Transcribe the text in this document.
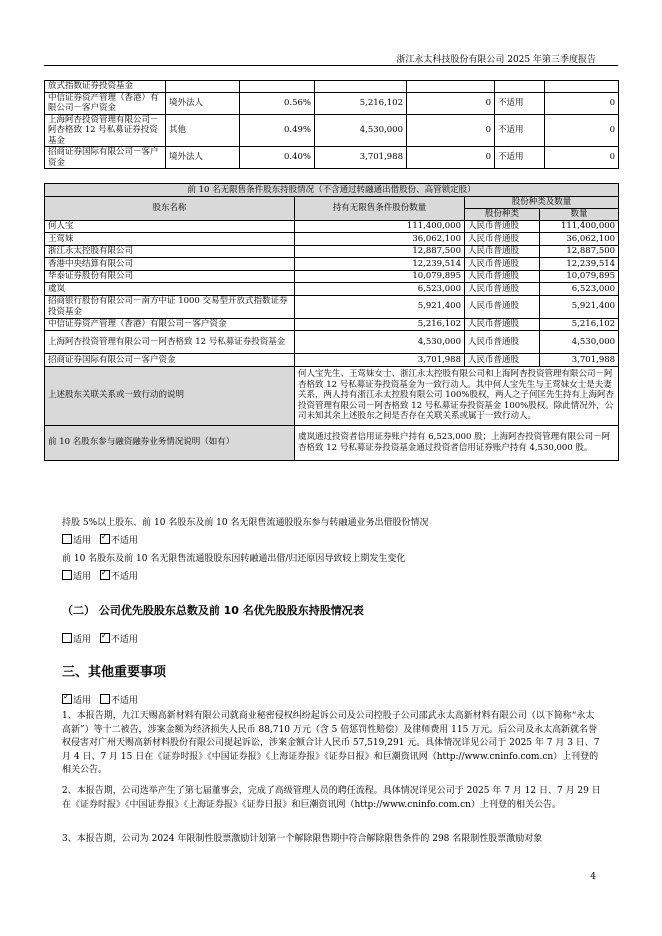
浙江永太科技股份有限公司 2025 年第三季度报告
放式指数证券投资基金						
中信证券资产管理（香港）有限公司－客户资金	境外法人	0.56%	5,216,102	0	不适用	0
上海阿杏投资管理有限公司－阿杏格致 12 号私募证券投资基金	其他	0.49%	4,530,000	0	不适用	0
招商证券国际有限公司－客户资金	境外法人	0.40%	3,701,988	0	不适用	0
前 10 名无限售条件股东持股情况（不含通过转融通出借股份、高管锁定股）			
股东名称	持有无限售条件股份数量	股份种类及数量	
		股份种类	数量
何人宝	111,400,000	人民币普通股	111,400,000
王莺妹	36,062,100	人民币普通股	36,062,100
浙江永太控股有限公司	12,887,500	人民币普通股	12,887,500
香港中央结算有限公司	12,239,514	人民币普通股	12,239,514
华泰证券股份有限公司	10,079,895	人民币普通股	10,079,895
虞岚	6,523,000	人民币普通股	6,523,000
招商银行股份有限公司－南方中证 1000 交易型开放式指数证券投资基金	5,921,400	人民币普通股	5,921,400
中信证券资产管理（香港）有限公司－客户资金	5,216,102	人民币普通股	5,216,102
上海阿杏投资管理有限公司－阿杏格致 12 号私募证券投资基金	4,530,000	人民币普通股	4,530,000
招商证券国际有限公司－客户资金	3,701,988	人民币普通股	3,701,988
上述股东关联关系或一致行动的说明	何人宝先生、王莺妹女士、浙江永太控股有限公司和上海阿杏投资管理有限公司－阿杏格致 12 号私募证券投资基金为一致行动人。其中何人宝先生与王莺妹女士是夫妻关系，两人持有浙江永太控股有限公司 100%股权，两人之子何匡先生持有上海阿杏投资管理有限公司－阿杏格致 12 号私募证券投资基金 100%股权。除此情况外，公司未知其余上述股东之间是否存在关联关系或属于一致行动人。		
前 10 名股东参与融资融券业务情况说明（如有）	虞岚通过投资者信用证券账户持有 6,523,000 股；上海阿杏投资管理有限公司－阿杏格致 12 号私募证券投资基金通过投资者信用证券账户持有 4,530,000 股。		
持股 5%以上股东、前 10 名股东及前 10 名无限售流通股股东参与转融通业务出借股份情况
适用 ✓ 不适用
前 10 名股东及前 10 名无限售流通股股东因转融通出借/归还原因导致较上期发生变化
适用 ✓ 不适用
（二） 公司优先股股东总数及前 10 名优先股股东持股情况表
适用 ✓ 不适用
三、其他重要事项
✓适用 不适用
1、本报告期，九江天赐高新材料有限公司就商业秘密侵权纠纷起诉公司及公司控股子公司邵武永太高新材料有限公司（以下简称“永太高新”）等十二被告，涉案金额为经济损失人民币 88,710 万元（含 5 倍惩罚性赔偿）及律师费用 115 万元。后公司及永太高新就名誉权侵害对广州天赐高新材料股份有限公司提起诉讼，涉案金额合计人民币 57,519,291 元。具体情况详见公司于 2025 年 7 月 3 日、7 月 4 日、7 月 15 日在《证券时报》《中国证券报》《上海证券报》《证券日报》和巨潮资讯网（http://www.cninfo.com.cn）上刊登的相关公告。
2、本报告期，公司选举产生了第七届董事会，完成了高级管理人员的聘任流程。具体情况详见公司于 2025 年 7 月 12 日、7 月 29 日在《证券时报》《中国证券报》《上海证券报》《证券日报》和巨潮资讯网（http://www.cninfo.com.cn）上刊登的相关公告。
3、本报告期，公司为 2024 年限制性股票激励计划第一个解除限售期中符合解除限售条件的 298 名限制性股票激励对象
4
